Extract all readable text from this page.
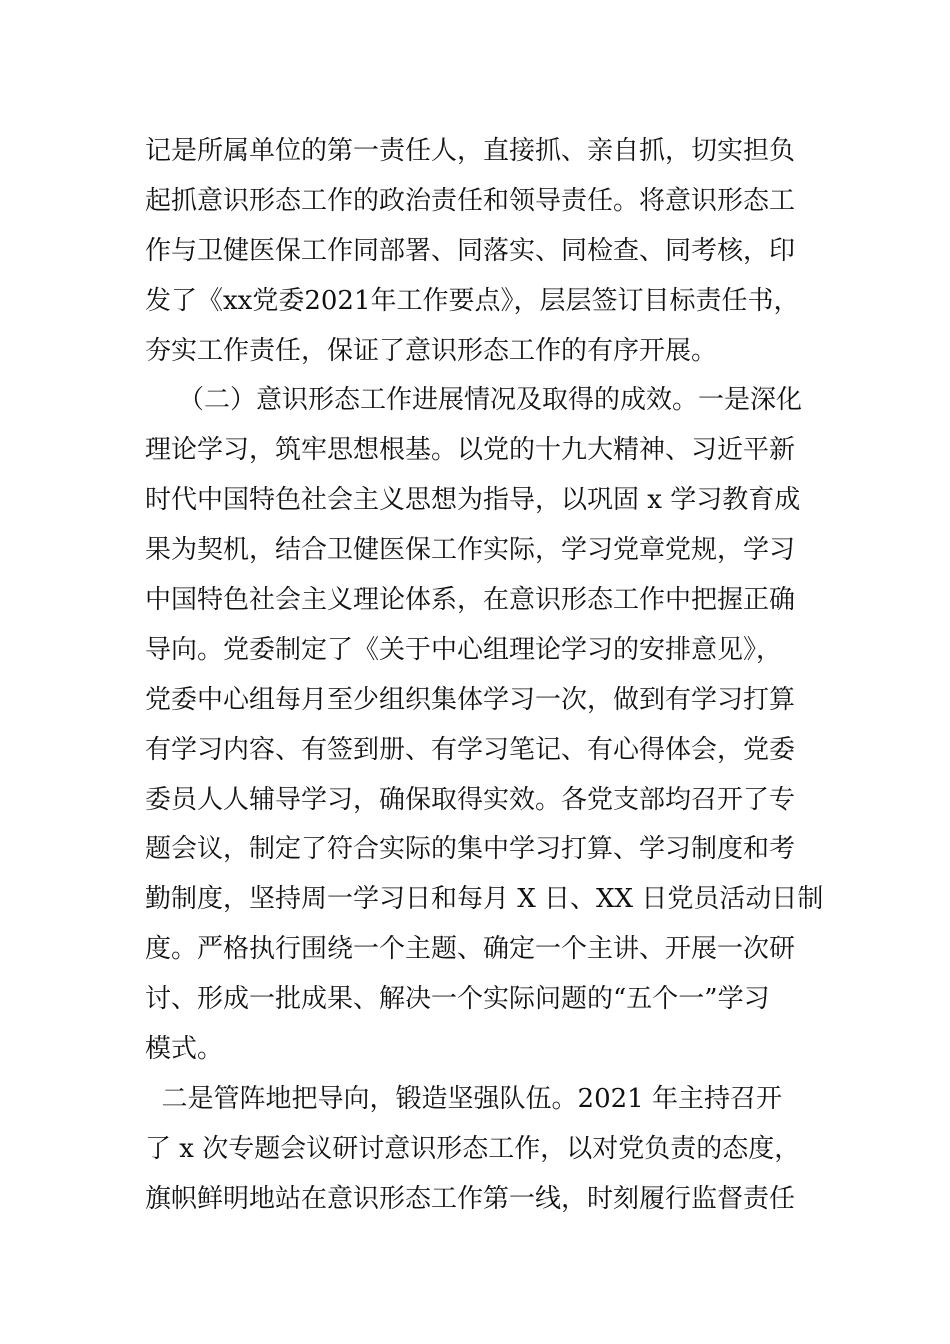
记是所属单位的第一责任人，直接抓、亲自抓，切实担负
起抓意识形态工作的政治责任和领导责任。将意识形态工
作与卫健医保工作同部署、同落实、同检查、同考核，印
发了《xx党委2021年工作要点》，层层签订目标责任书，
夯实工作责任，保证了意识形态工作的有序开展。
（二）意识形态工作进展情况及取得的成效。一是深化
理论学习，筑牢思想根基。以党的十九大精神、习近平新
时代中国特色社会主义思想为指导，以巩固 x 学习教育成
果为契机，结合卫健医保工作实际，学习党章党规，学习
中国特色社会主义理论体系，在意识形态工作中把握正确
导向。党委制定了《关于中心组理论学习的安排意见》，
党委中心组每月至少组织集体学习一次，做到有学习打算
有学习内容、有签到册、有学习笔记、有心得体会，党委
委员人人辅导学习，确保取得实效。各党支部均召开了专
题会议，制定了符合实际的集中学习打算、学习制度和考
勤制度，坚持周一学习日和每月 X 日、XX 日党员活动日制
度。严格执行围绕一个主题、确定一个主讲、开展一次研
讨、形成一批成果、解决一个实际问题的“五个一”学习
模式。
二是管阵地把导向，锻造坚强队伍。2021 年主持召开
了 x 次专题会议研讨意识形态工作，以对党负责的态度，
旗帜鲜明地站在意识形态工作第一线，时刻履行监督责任
